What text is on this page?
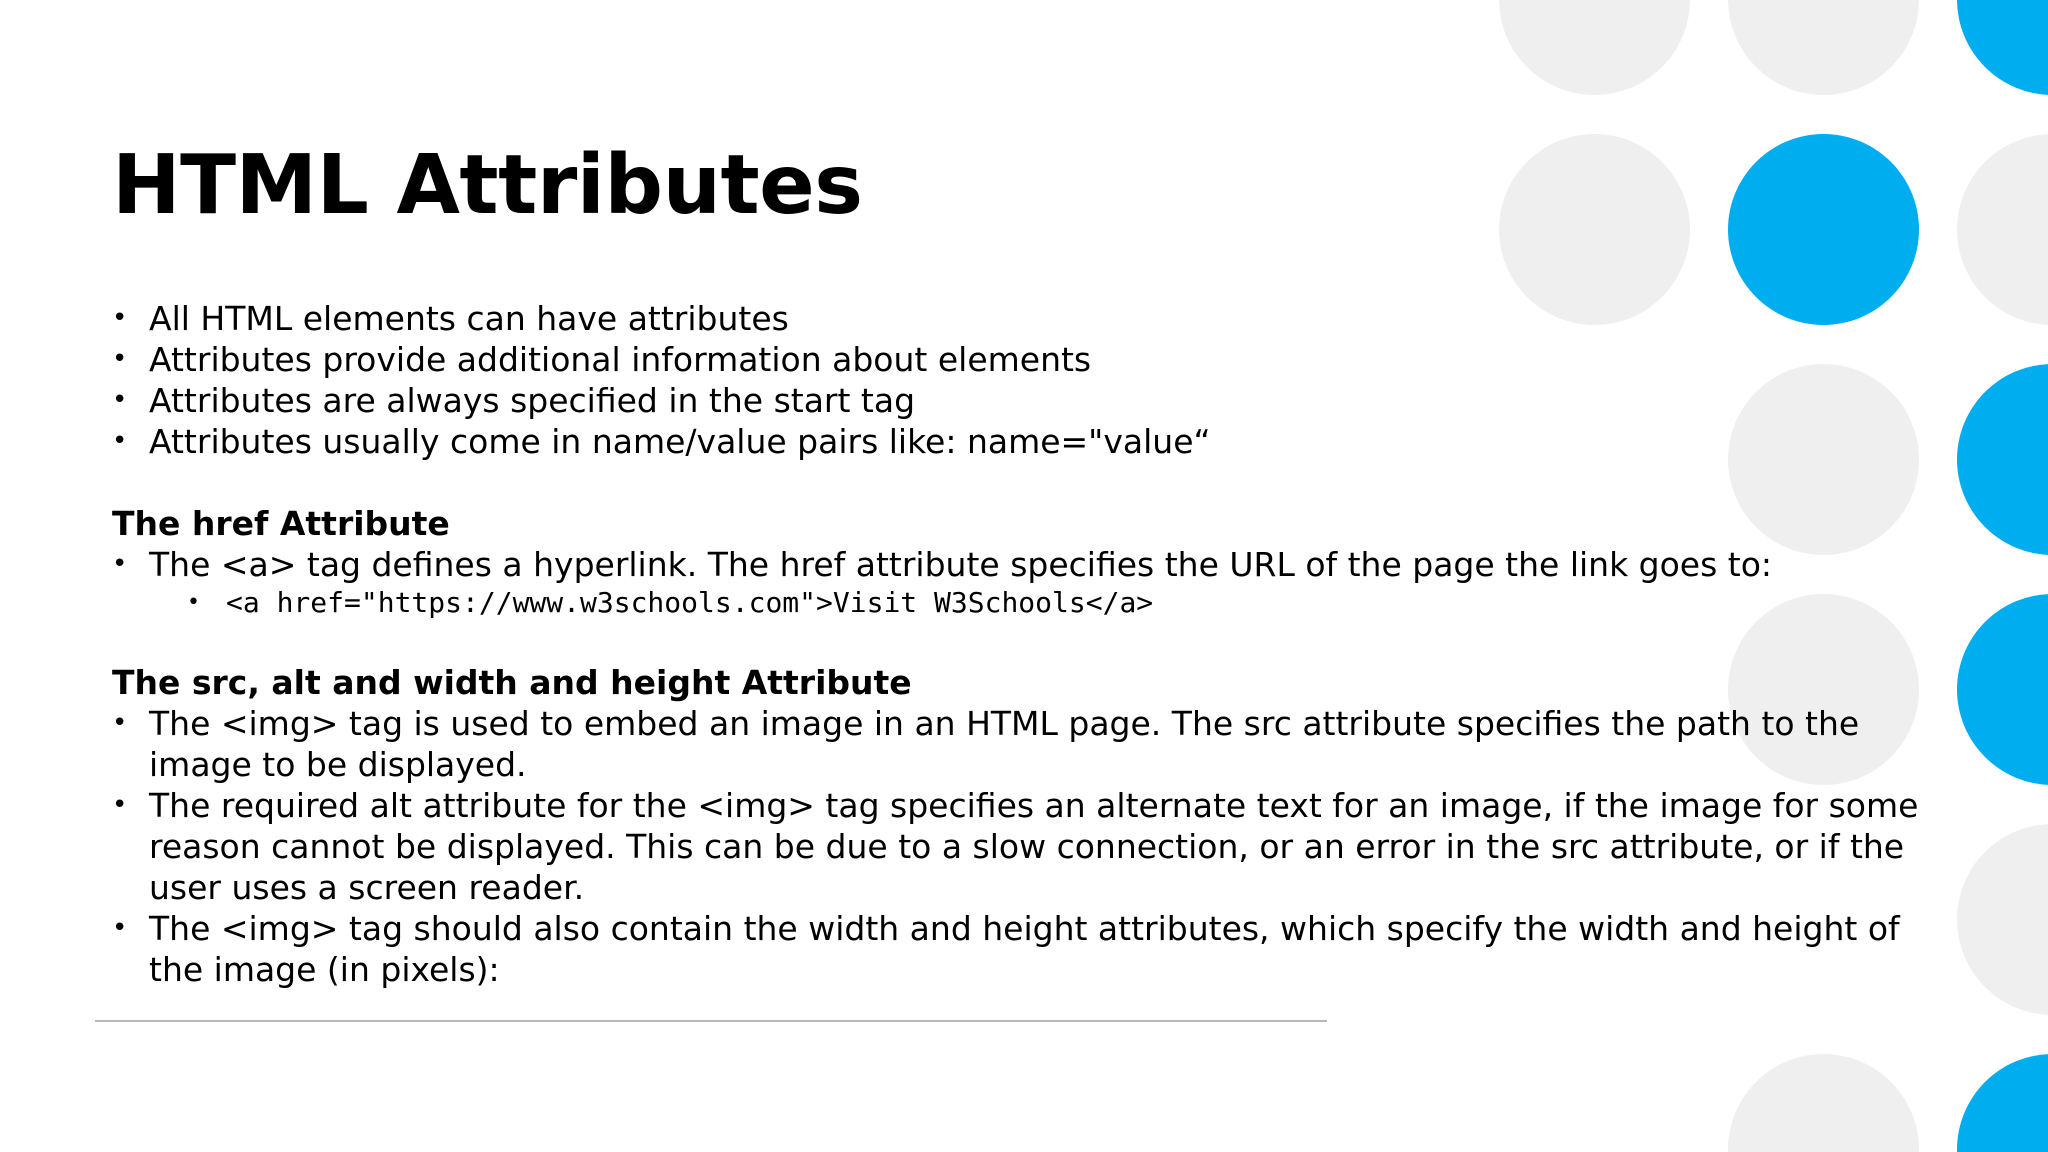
HTML Attributes
• All HTML elements can have attributes
• Attributes provide additional information about elements
• Attributes are always specified in the start tag
• Attributes usually come in name/value pairs like: name="value“
The href Attribute
• The <a> tag defines a hyperlink. The href attribute specifies the URL of the page the link goes to:
• <a href="https://www.w3schools.com">Visit W3Schools</a>
The src, alt and width and height Attribute
• The <img> tag is used to embed an image in an HTML page. The src attribute specifies the path to the image to be displayed.
• The required alt attribute for the <img> tag specifies an alternate text for an image, if the image for some reason cannot be displayed. This can be due to a slow connection, or an error in the src attribute, or if the user uses a screen reader.
• The <img> tag should also contain the width and height attributes, which specify the width and height of the image (in pixels):
